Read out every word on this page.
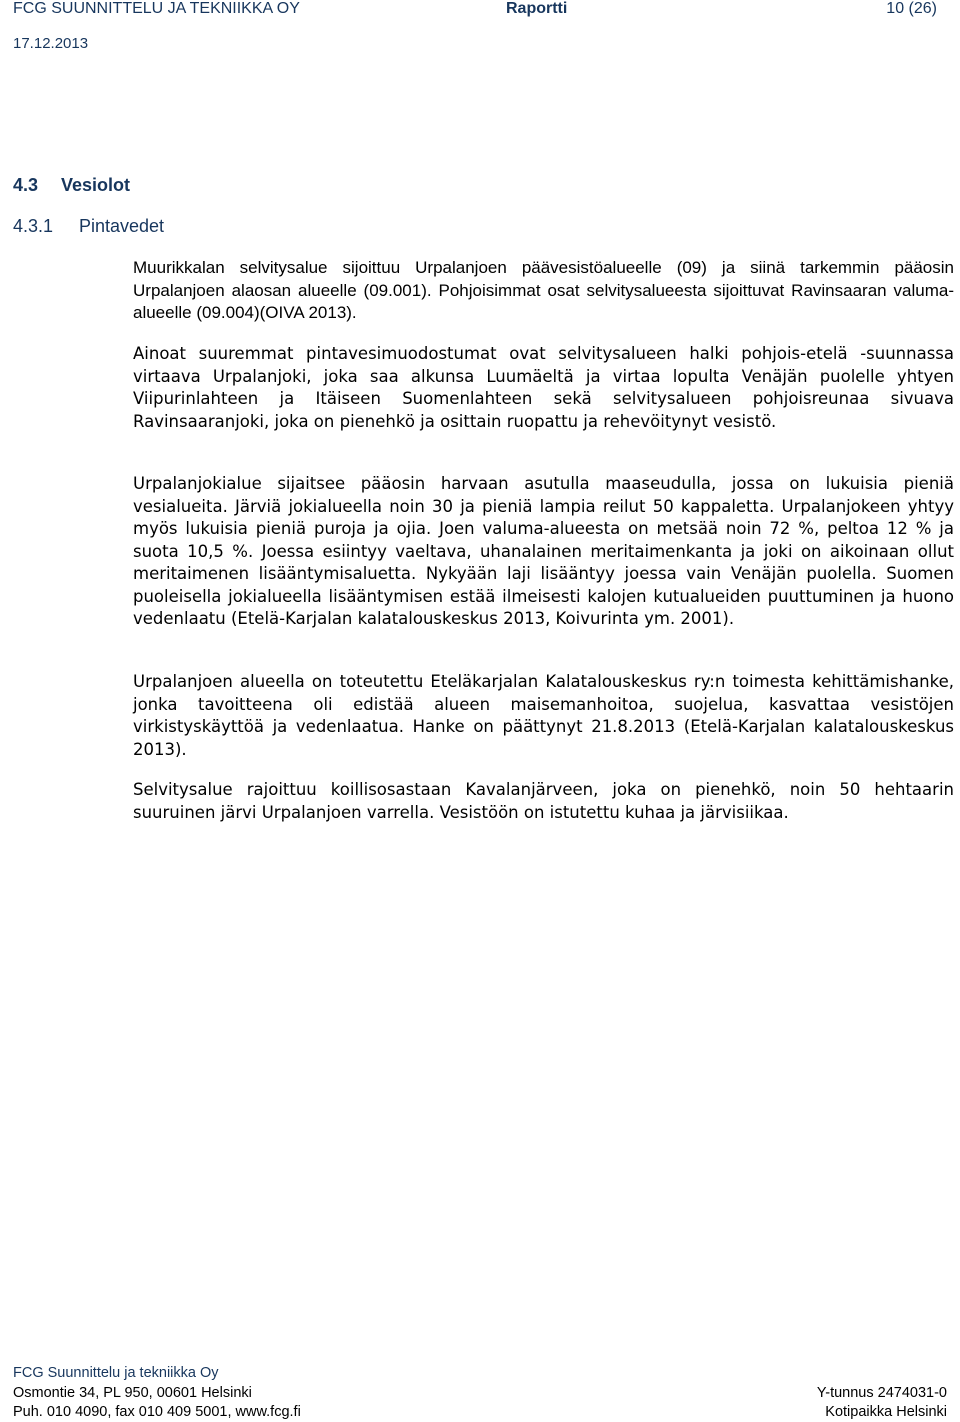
FCG SUUNNITTELU JA TEKNIIKKA OY	Raportti	10 (26)
17.12.2013
4.3 Vesiolot
4.3.1 Pintavedet

Muurikkalan selvitysalue sijoittuu Urpalanjoen päävesistöalueelle (09) ja siinä tarkemmin pääosin Urpalanjoen alaosan alueelle (09.001). Pohjoisimmat osat selvitysalueesta sijoittuvat Ravinsaaran valuma-alueelle (09.004)(OIVA 2013).

Ainoat suuremmat pintavesimuodostumat ovat selvitysalueen halki pohjois-etelä -suunnassa virtaava Urpalanjoki, joka saa alkunsa Luumäeltä ja virtaa lopulta Venäjän puolelle yhtyen Viipurinlahteen ja Itäiseen Suomenlahteen sekä selvitysalueen pohjoisreunaa sivuava Ravinsaaranjoki, joka on pienehkö ja osittain ruopattu ja rehevöitynyt vesistö.

Urpalanjokialue sijaitsee pääosin harvaan asutulla maaseudulla, jossa on lukuisia pieniä vesialueita. Järviä jokialueella noin 30 ja pieniä lampia reilut 50 kappaletta. Urpalanjokeen yhtyy myös lukuisia pieniä puroja ja ojia. Joen valuma-alueesta on metsää noin 72 %, peltoa 12 % ja suota 10,5 %. Joessa esiintyy vaeltava, uhanalainen meritaimenkanta ja joki on aikoinaan ollut meritaimenen lisääntymisaluetta. Nykyään laji lisääntyy joessa vain Venäjän puolella. Suomen puoleisella jokialueella lisääntymisen estää ilmeisesti kalojen kutualueiden puuttuminen ja huono vedenlaatu (Etelä-Karjalan kalatalouskeskus 2013, Koivurinta ym. 2001).

Urpalanjoen alueella on toteutettu Eteläkarjalan Kalatalouskeskus ry:n toimesta kehittämishanke, jonka tavoitteena oli edistää alueen maisemanhoitoa, suojelua, kasvattaa vesistöjen virkistyskäyttöä ja vedenlaatua. Hanke on päättynyt 21.8.2013 (Etelä-Karjalan kalatalouskeskus 2013).

Selvitysalue rajoittuu koillisosastaan Kavalanjärveen, joka on pienehkö, noin 50 hehtaarin suuruinen järvi Urpalanjoen varrella. Vesistöön on istutettu kuhaa ja järvisiikaa.

FCG Suunnittelu ja tekniikka Oy
Osmontie 34, PL 950, 00601 Helsinki	Y-tunnus 2474031-0
Puh. 010 4090, fax 010 409 5001, www.fcg.fi	Kotipaikka Helsinki
